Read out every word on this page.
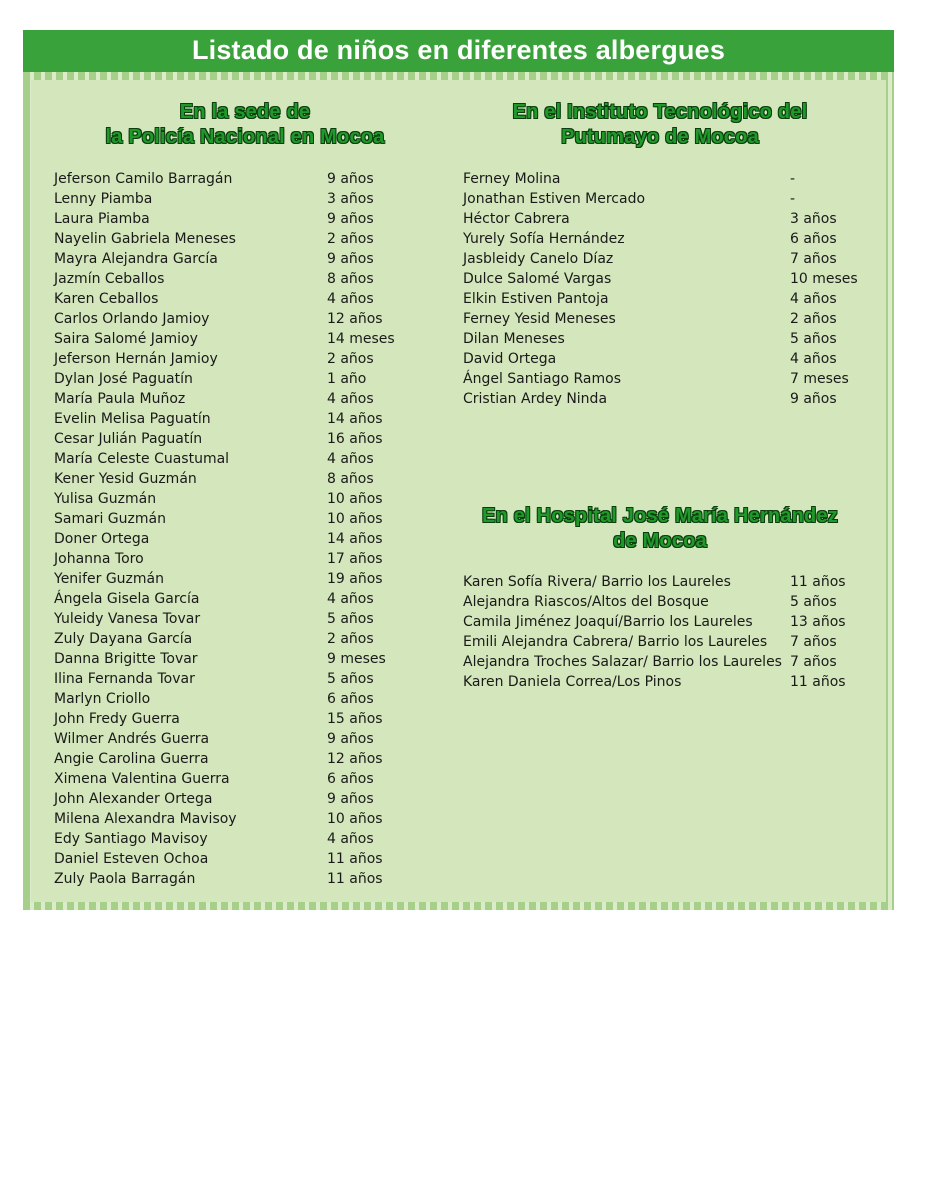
Listado de niños en diferentes albergues
En la sede de
la Policía Nacional en Mocoa
En el Instituto Tecnológico del
Putumayo de Mocoa
En el Hospital José María Hernández
de Mocoa
Jeferson Camilo Barragán	9 años
Lenny Piamba	3 años
Laura Piamba	9 años
Nayelin Gabriela Meneses	2 años
Mayra Alejandra García	9 años
Jazmín Ceballos	8 años
Karen Ceballos	4 años
Carlos Orlando Jamioy	12 años
Saira Salomé Jamioy	14 meses
Jeferson Hernán Jamioy	2 años
Dylan José Paguatín	1 año
María Paula Muñoz	4 años
Evelin Melisa Paguatín	14 años
Cesar Julián Paguatín	16 años
María Celeste Cuastumal	4 años
Kener Yesid Guzmán	8 años
Yulisa Guzmán	10 años
Samari Guzmán	10 años
Doner Ortega	14 años
Johanna Toro	17 años
Yenifer Guzmán	19 años
Ángela Gisela García	4 años
Yuleidy Vanesa Tovar	5 años
Zuly Dayana García	2 años
Danna Brigitte Tovar	9 meses
Ilina Fernanda Tovar	5 años
Marlyn Criollo	6 años
John Fredy Guerra	15 años
Wilmer Andrés Guerra	9 años
Angie Carolina Guerra	12 años
Ximena Valentina Guerra	6 años
John Alexander Ortega	9 años
Milena Alexandra Mavisoy	10 años
Edy Santiago Mavisoy	4 años
Daniel Esteven Ochoa	11 años
Zuly Paola Barragán	11 años
Ferney Molina	-
Jonathan Estiven Mercado	-
Héctor Cabrera	3 años
Yurely Sofía Hernández	6 años
Jasbleidy Canelo Díaz	7 años
Dulce Salomé Vargas	10 meses
Elkin Estiven Pantoja	4 años
Ferney Yesid Meneses	2 años
Dilan Meneses	5 años
David Ortega	4 años
Ángel Santiago Ramos	7 meses
Cristian Ardey Ninda	9 años
Karen Sofía Rivera/ Barrio los Laureles	11 años
Alejandra Riascos/Altos del Bosque	5 años
Camila Jiménez Joaquí/Barrio los Laureles	13 años
Emili Alejandra Cabrera/ Barrio los Laureles 7 años
Alejandra Troches Salazar/ Barrio los Laureles 7 años
Karen Daniela Correa/Los Pinos	11 años
